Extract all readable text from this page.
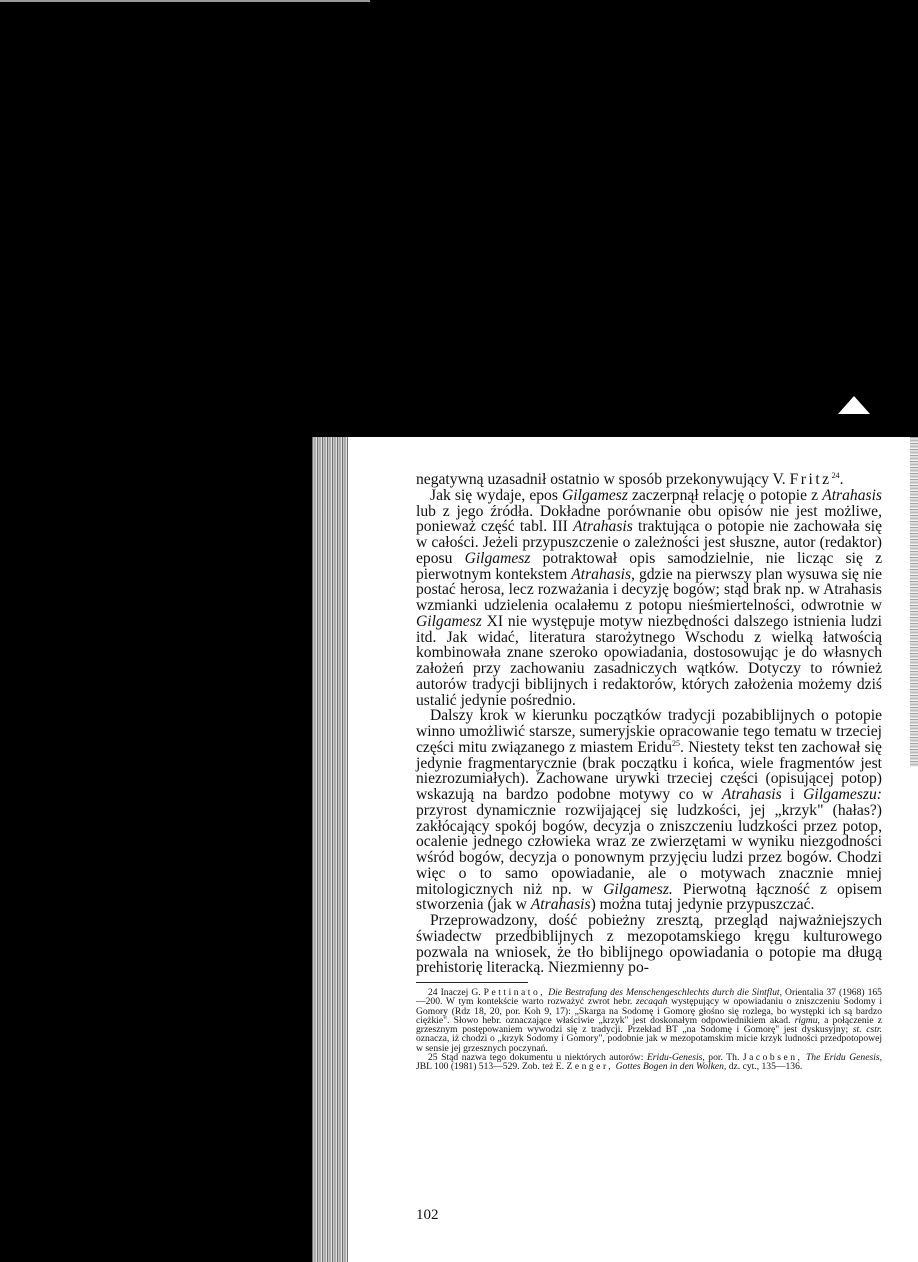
negatywną uzasadnił ostatnio w sposób przekonywujący V. Fritz$^{24}$.

Jak się wydaje, epos Gilgamesz zaczerpnął relację o potopie z Atrahasis lub z jego źródła. Dokładne porównanie obu opisów nie jest możliwe, ponieważ część tabl. III Atrahasis traktująca o potopie nie zachowała się w całości. Jeżeli przypuszczenie o zależności jest słuszne, autor (redaktor) eposu Gilgamesz potraktował opis samodzielnie, nie licząc się z pierwotnym kontekstem Atrahasis, gdzie na pierwszy plan wysuwa się nie postać herosa, lecz rozważania i decyzję bogów; stąd brak np. w Atrahasis wzmianki udzielenia ocalałemu z potopu nieśmiertelności, odwrotnie w Gilgamesz XI nie występuje motyw niezbędności dalszego istnienia ludzi itd. Jak widać, literatura starożytnego Wschodu z wielką łatwością kombinowała znane szeroko opowiadania, dostosowując je do własnych założeń przy zachowaniu zasadniczych wątków. Dotyczy to również autorów tradycji biblijnych i redaktorów, których założenia możemy dziś ustalić jedynie pośrednio.

Dalszy krok w kierunku początków tradycji pozabiblijnych o potopie winno umożliwić starsze, sumeryjskie opracowanie tego tematu w trzeciej części mitu związanego z miastem Eridu$^{25}$. Niestety tekst ten zachował się jedynie fragmentarycznie (brak początku i końca, wiele fragmentów jest niezrozumiałych). Zachowane urywki trzeciej części (opisującej potop) wskazują na bardzo podobne motywy co w Atrahasis i Gilgameszu: przyrost dynamicznie rozwijającej się ludzkości, jej „krzyk" (hałas?) zakłócający spokój bogów, decyzja o zniszczeniu ludzkości przez potop, ocalenie jednego człowieka wraz ze zwierzętami w wyniku niezgodności wśród bogów, decyzja o ponownym przyjęciu ludzi przez bogów. Chodzi więc o to samo opowiadanie, ale o motywach znacznie mniej mitologicznych niż np. w Gilgamesz. Pierwotną łączność z opisem stworzenia (jak w Atrahasis) można tutaj jedynie przypuszczać.

Przeprowadzony, dość pobieżny zresztą, przegląd najważniejszych świadectw przedbiblijnych z mezopotamskiego kręgu kulturowego pozwala na wniosek, że tło biblijnego opowiadania o potopie ma długą prehistorię literacką. Niezmienny po-

24 Inaczej G. Pettinato, Die Bestrafung des Menschengeschlechts durch die Sintflut, Orientalia 37 (1968) 165—200. W tym kontekście warto rozważyć zwrot hebr. zecaqah występujący w opowiadaniu o zniszczeniu Sodomy i Gomory (Rdz 18, 20, por. Koh 9, 17): „Skarga na Sodomę i Gomorę głośno się rozlega, bo występki ich są bardzo ciężkie". Słowo hebr. oznaczające właściwie „krzyk" jest doskonałym odpowiednikiem akad. rigmu, a połączenie z grzesznym postępowaniem wywodzi się z tradycji. Przekład BT „na Sodomę i Gomorę" jest dyskusyjny; st. cstr. oznacza, iż chodzi o „krzyk Sodomy i Gomory", podobnie jak w mezopotamskim micie krzyk ludności przedpotopowej w sensie jej grzesznych poczynań.

25 Stąd nazwa tego dokumentu u niektórych autorów: Eridu-Genesis, por. Th. Jacobsen, The Eridu Genesis, JBL 100 (1981) 513—529. Zob. też E. Zenger, Gottes Bogen in den Wolken, dz. cyt., 135—136.

102
